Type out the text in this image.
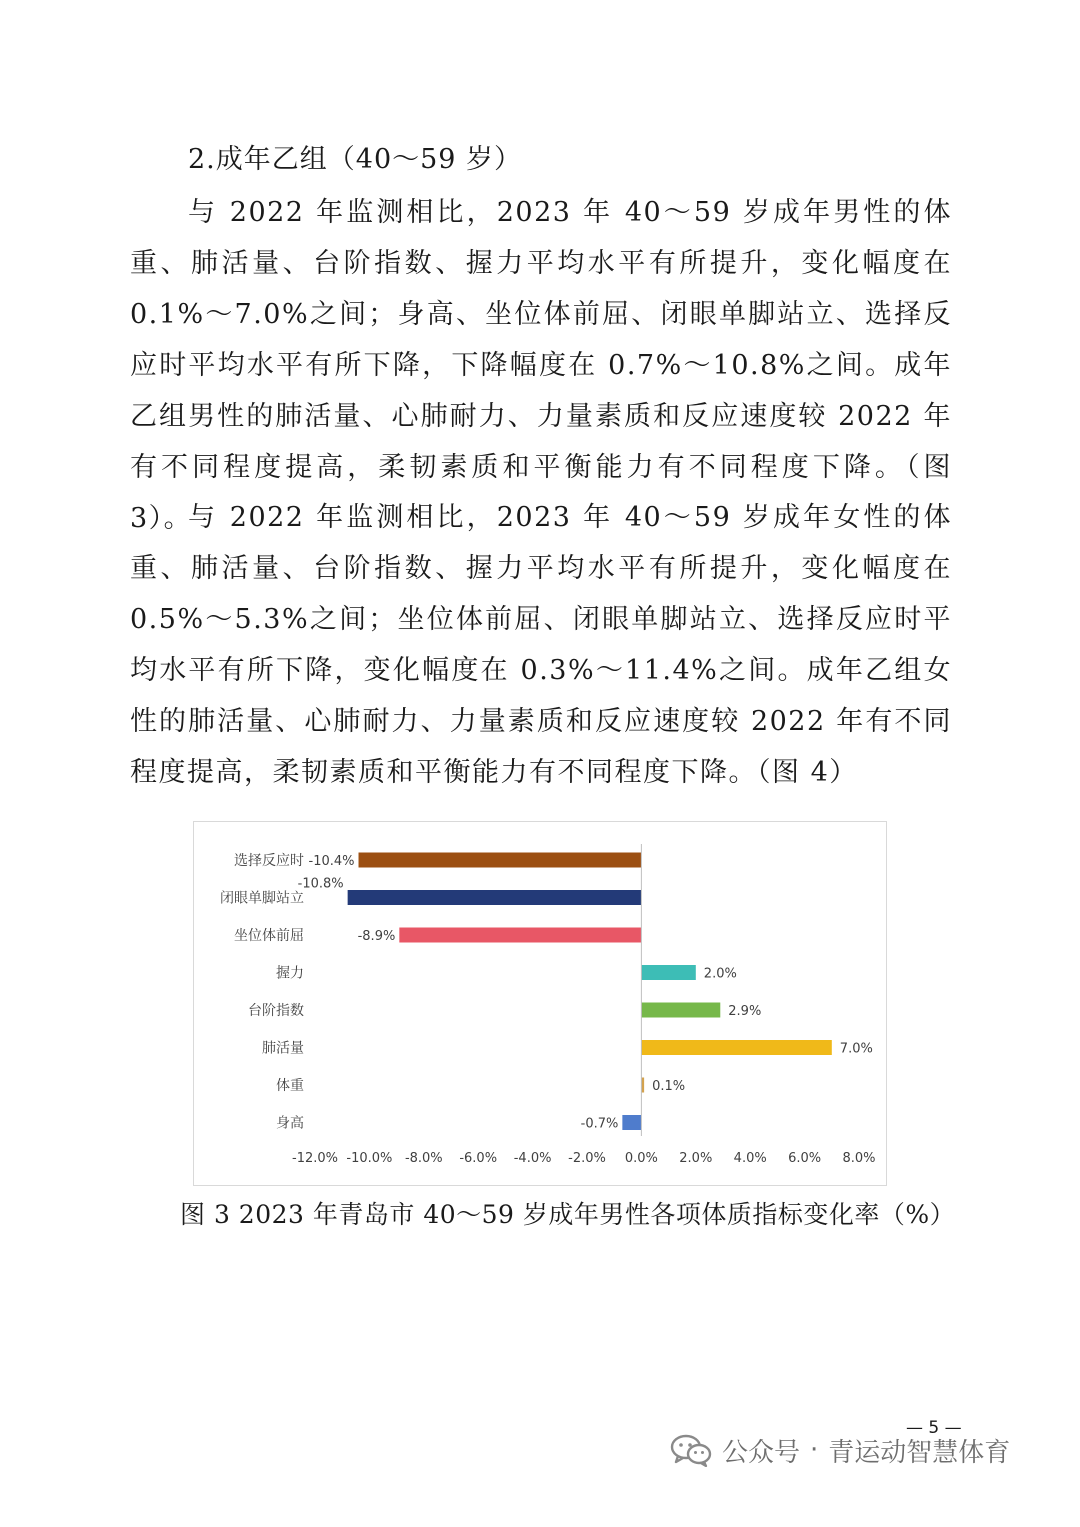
2.成年乙组（40～59 岁）

与 2022 年监测相比，2023 年 40～59 岁成年男性的体重、肺活量、台阶指数、握力平均水平有所提升，变化幅度在 0.1%～7.0%之间；身高、坐位体前屈、闭眼单脚站立、选择反应时平均水平有所下降，下降幅度在 0.7%～10.8%之间。成年乙组男性的肺活量、心肺耐力、力量素质和反应速度较 2022 年有不同程度提高，柔韧素质和平衡能力有不同程度下降。（图 3）。

与 2022 年监测相比，2023 年 40～59 岁成年女性的体重、肺活量、台阶指数、握力平均水平有所提升，变化幅度在 0.5%～5.3%之间；坐位体前屈、闭眼单脚站立、选择反应时平均水平有所下降，变化幅度在 0.3%～11.4%之间。成年乙组女性的肺活量、心肺耐力、力量素质和反应速度较 2022 年有不同程度提高，柔韧素质和平衡能力有不同程度下降。（图 4）

选择反应时 -10.4%
闭眼单脚站立
-10.8%
坐位体前屈	-8.9%
握力	2.0%
台阶指数	2.9%
肺活量	7.0%
体重	0.1%
身高	-0.7%
-12.0% -10.0% -8.0% -6.0% -4.0% -2.0% 0.0% 2.0% 4.0% 6.0% 8.0%
图 3 2023 年青岛市 40～59 岁成年男性各项体质指标变化率（%）
— 5 —
公众号 · 青运动智慧体育
